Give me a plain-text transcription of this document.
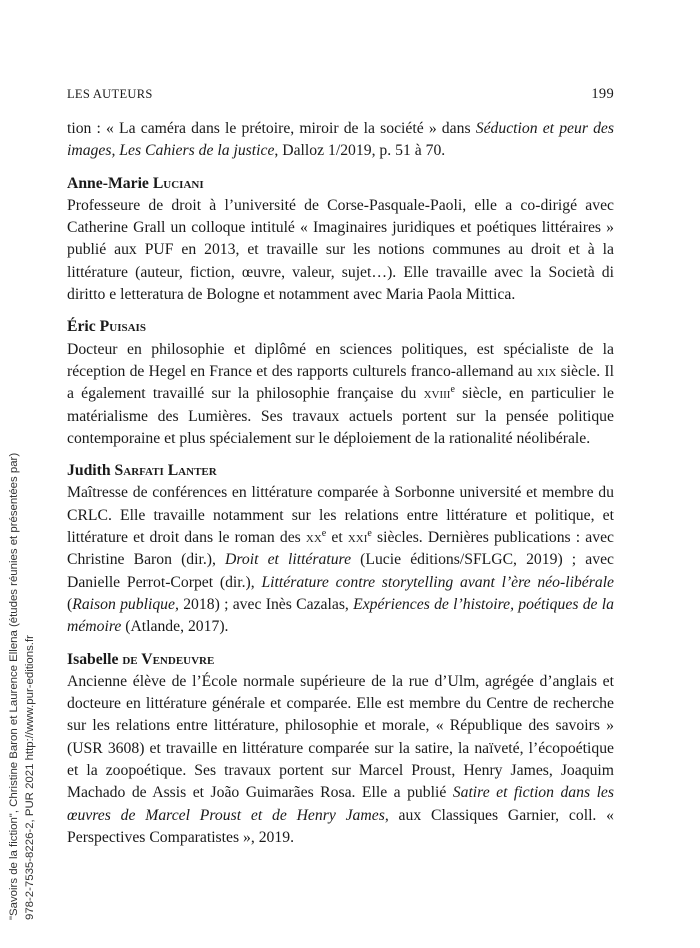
LES AUTEURS	199

tion : « La caméra dans le prétoire, miroir de la société » dans Séduction et peur des images, Les Cahiers de la justice, Dalloz 1/2019, p. 51 à 70.

Anne-Marie Luciani

Professeure de droit à l’université de Corse-Pasquale-Paoli, elle a co-dirigé avec Catherine Grall un colloque intitulé « Imaginaires juridiques et poétiques littéraires » publié aux PUF en 2013, et travaille sur les notions communes au droit et à la littérature (auteur, fiction, œuvre, valeur, sujet…). Elle travaille avec la Società di diritto e letteratura de Bologne et notamment avec Maria Paola Mittica.

Éric Puisais

Docteur en philosophie et diplômé en sciences politiques, est spécialiste de la réception de Hegel en France et des rapports culturels franco-allemand au xix siècle. Il a également travaillé sur la philosophie française du xviii$^e$ siècle, en particulier le matérialisme des Lumières. Ses travaux actuels portent sur la pensée politique contemporaine et plus spécialement sur le déploiement de la rationalité néolibérale.

Judith Sarfati Lanter

Maîtresse de conférences en littérature comparée à Sorbonne université et membre du CRLC. Elle travaille notamment sur les relations entre littérature et politique, et littérature et droit dans le roman des $xx^e$ et xxi$^e$ siècles. Dernières publications : avec Christine Baron (dir.), Droit et littérature (Lucie éditions/SFLGC, 2019) ; avec Danielle Perrot-Corpet (dir.), Littérature contre storytelling avant l’ère néo-libérale (Raison publique, 2018) ; avec Inès Cazalas, Expériences de l’histoire, poétiques de la mémoire (Atlande, 2017).

Isabelle de Vendeuvre

Ancienne élève de l’École normale supérieure de la rue d’Ulm, agrégée d’anglais et docteure en littérature générale et comparée. Elle est membre du Centre de recherche sur les relations entre littérature, philosophie et morale, « République des savoirs » (USR 3608) et travaille en littérature comparée sur la satire, la naïveté, l’écopoétique et la zoopoétique. Ses travaux portent sur Marcel Proust, Henry James, Joaquim Machado de Assis et João Guimarães Rosa. Elle a publié Satire et fiction dans les œuvres de Marcel Proust et de Henry James, aux Classiques Garnier, coll. « Perspectives Comparatistes », 2019.

"Savoirs de la fiction", Christine Baron et Laurence Ellena (études réunies et présentées par) 978-2-7535-8226-2, PUR 2021 http://www.pur-editions.fr
